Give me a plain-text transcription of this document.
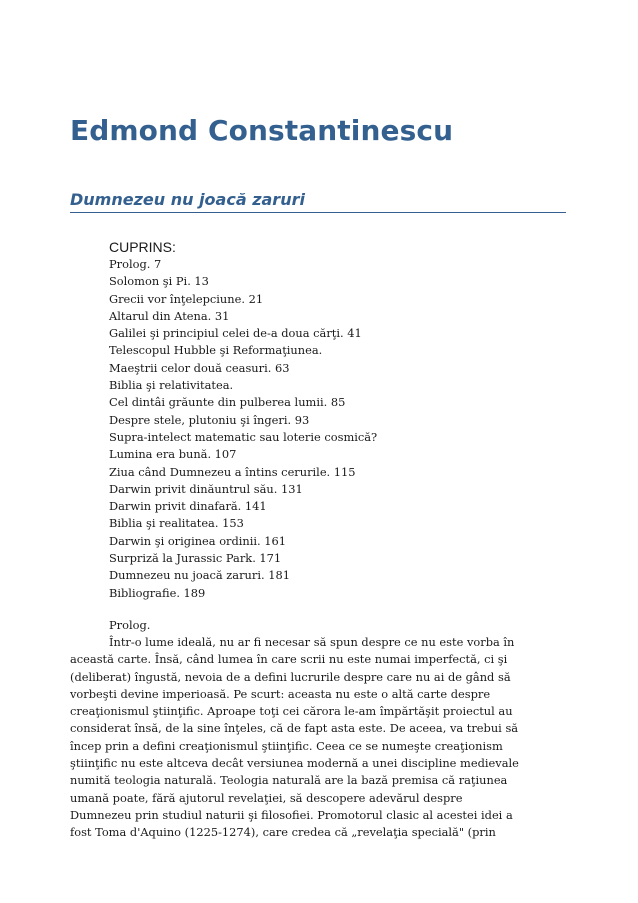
Edmond Constantinescu
Dumnezeu nu joacă zaruri
CUPRINS:
Prolog. 7
Solomon şi Pi. 13
Grecii vor înţelepciune. 21
Altarul din Atena. 31
Galilei şi principiul celei de-a doua cărţi. 41
Telescopul Hubble şi Reformaţiunea.
Maeştrii celor două ceasuri. 63
Biblia şi relativitatea.
Cel dintâi grăunte din pulberea lumii. 85
Despre stele, plutoniu şi îngeri. 93
Supra-intelect matematic sau loterie cosmică?
Lumina era bună. 107
Ziua când Dumnezeu a întins cerurile. 115
Darwin privit dinăuntrul său. 131
Darwin privit dinafară. 141
Biblia şi realitatea. 153
Darwin şi originea ordinii. 161
Surpriză la Jurassic Park. 171
Dumnezeu nu joacă zaruri. 181
Bibliografie. 189
Prolog.

Într-o lume ideală, nu ar fi necesar să spun despre ce nu este vorba în
această carte. Însă, când lumea în care scrii nu este numai imperfectă, ci şi
(deliberat) îngustă, nevoia de a defini lucrurile despre care nu ai de gând să
vorbeşti devine imperioasă. Pe scurt: aceasta nu este o altă carte despre
creaţionismul ştiinţific. Aproape toţi cei cărora le-am împărtăşit proiectul au
considerat însă, de la sine înţeles, că de fapt asta este. De aceea, va trebui să
încep prin a defini creaţionismul ştiinţific. Ceea ce se numeşte creaţionism
ştiinţific nu este altceva decât versiunea modernă a unei discipline medievale
numită teologia naturală. Teologia naturală are la bază premisa că raţiunea
umană poate, fără ajutorul revelaţiei, să descopere adevărul despre
Dumnezeu prin studiul naturii şi filosofiei. Promotorul clasic al acestei idei a
fost Toma d'Aquino (1225-1274), care credea că „revelaţia specială" (prin
